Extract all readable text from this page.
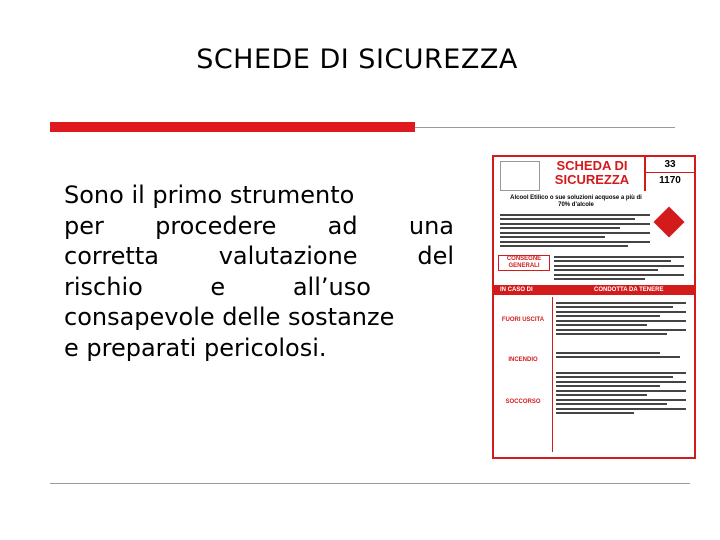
SCHEDE DI SICUREZZA
Sono il primo strumento
per procedere ad una
corretta valutazione del
rischio e all’uso
consapevole delle sostanze
e preparati pericolosi.
SCHEDA DI SICUREZZA
33
1170
Alcool Etilico o sue soluzioni acquose a più di 70% d'alcole
CONSEGNE GENERALI
IN CASO DI	CONDOTTA DA TENERE
FUORI USCITA
INCENDIO
SOCCORSO
